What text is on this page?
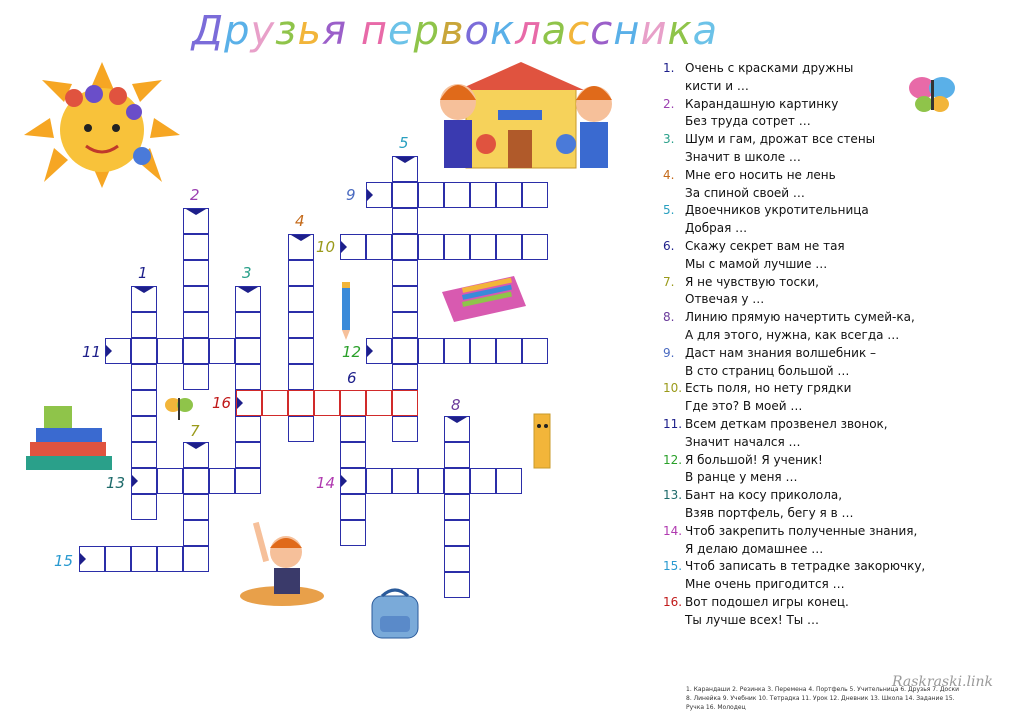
Друзья первоклассника
1
2
3
4
5
6
7
8
9
10
11	12
13	14
15
16
1. Очень с красками дружны
кисти и …
2. Карандашную картинку
Без труда сотрет …
3. Шум и гам, дрожат все стены
Значит в школе …
4. Мне его носить не лень
За спиной своей …
5. Двоечников укротительница
Добрая …
6. Скажу секрет вам не тая
Мы с мамой лучшие …
7. Я не чувствую тоски,
Отвечая у …
8. Линию прямую начертить сумей-ка,
А для этого, нужна, как всегда …
9. Даст нам знания волшебник –
В сто страниц большой …
10. Есть поля, но нету грядки
Где это? В моей …
11. Всем деткам прозвенел звонок,
Значит начался …
12. Я большой! Я ученик!
В ранце у меня …
13. Бант на косу приколола,
Взяв портфель, бегу я в …
14. Чтоб закрепить полученные знания,
Я делаю домашнее …
15. Чтоб записать в тетрадке закорючку,
Мне очень пригодится …
16. Вот подошел игры конец.
Ты лучше всех! Ты …
1. Карандаши 2. Резинка 3. Перемена 4. Портфель 5. Учительница 6. Друзья 7. Доски 8. Линейка 9. Учебник 10. Тетрадка 11. Урок 12. Дневник 13. Школа 14. Задание 15. Ручка 16. Молодец
Raskraski.link
